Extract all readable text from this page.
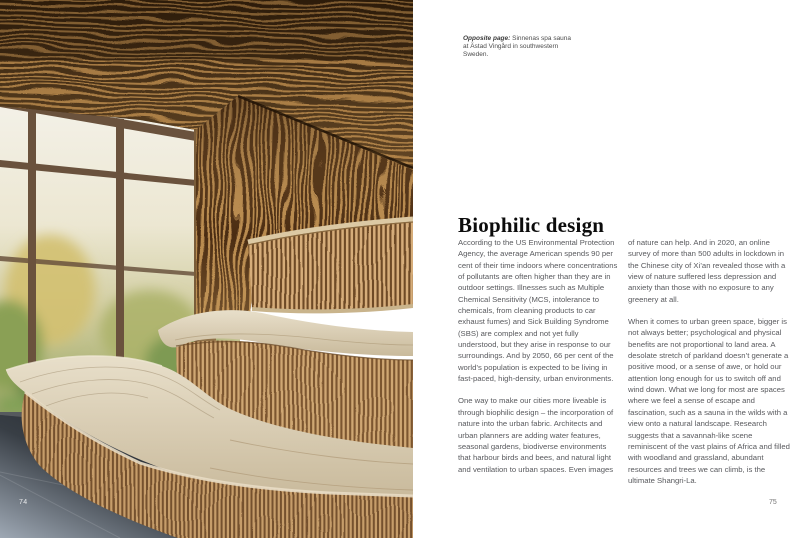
74
Opposite page: Sinnenas spa sauna at Ästad Vingård in southwestern Sweden.
Biophilic design

According to the US Environmental Protection Agency, the average American spends 90 per cent of their time indoors where concentrations of pollutants are often higher than they are in outdoor settings. Illnesses such as Multiple Chemical Sensitivity (MCS, intolerance to chemicals, from cleaning products to car exhaust fumes) and Sick Building Syndrome (SBS) are complex and not yet fully understood, but they arise in response to our surroundings. And by 2050, 66 per cent of the world’s population is expected to be living in fast-paced, high-density, urban environments.

One way to make our cities more liveable is through biophilic design – the incorporation of nature into the urban fabric. Architects and urban planners are adding water features, seasonal gardens, biodiverse environments that harbour birds and bees, and natural light and ventilation to urban spaces. Even images

of nature can help. And in 2020, an online survey of more than 500 adults in lockdown in the Chinese city of Xi’an revealed those with a view of nature suffered less depression and anxiety than those with no exposure to any greenery at all.

When it comes to urban green space, bigger is not always better; psychological and physical benefits are not proportional to land area. A desolate stretch of parkland doesn’t generate a positive mood, or a sense of awe, or hold our attention long enough for us to switch off and wind down. What we long for most are spaces where we feel a sense of escape and fascination, such as a sauna in the wilds with a view onto a natural landscape. Research suggests that a savannah-like scene reminiscent of the vast plains of Africa and filled with woodland and grassland, abundant resources and trees we can climb, is the ultimate Shangri-La.

75
